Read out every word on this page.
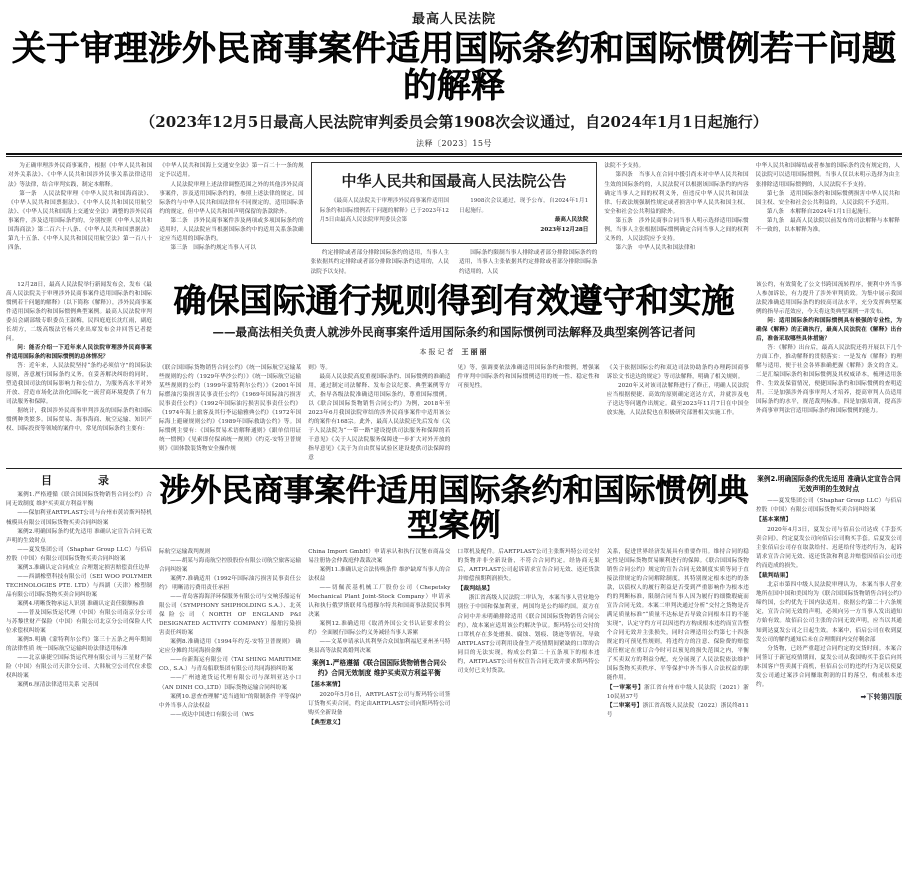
最高人民法院
关于审理涉外民商事案件适用国际条约和国际惯例若干问题的解释
（2023年12月5日最高人民法院审判委员会第1908次会议通过，自2024年1月1日起施行）
法释〔2023〕15号

为正确审理涉外民商事案件，根据《中华人民共和国对外关系法》、《中华人民共和国涉外民事关系法律适用法》等法律，结合审判实践，制定本解释。

第一条　人民法院审理《中华人民共和国海商法》、《中华人民共和国票据法》、《中华人民共和国民用航空法》、《中华人民共和国海上交通安全法》调整的涉外民商事案件，涉及适用国际条约的，分别按照《中华人民共和国海商法》第二百六十八条、《中华人民共和国票据法》第九十五条、《中华人民共和国民用航空法》第一百八十四条、

《中华人民共和国海上交通安全法》第一百二十一条的规定予以适用。

人民法院审理上述法律调整范围之外的其他涉外民商事案件，涉及适用国际条约的，参照上述法律的规定。国际条约与中华人民共和国法律有不同规定的，适用国际条约的规定，但中华人民共和国声明保留的条款除外。

第二条　涉外民商事案件涉及两项或多项国际条约的适用时，人民法院应当根据国际条约中的适用关系条款确定应当适用的国际条约。

第三条　国际条约规定当事人可以

中华人民共和国最高人民法院公告

《最高人民法院关于审理涉外民商事案件适用国际条约和国际惯例若干问题的解释》已于2023年12月5日由最高人民法院审判委员会第

1908次会议通过，现予公布，自2024年1月1日起施行。

最高人民法院

2023年12月28日

约定排除或者部分排除国际条约的适用，当事人主张依据其约定排除或者部分排除国际条约适用的，人民法院予以支持。

国际条约限制当事人排除或者部分排除国际条约的适用，当事人主张依据其约定排除或者部分排除国际条约适用的，人民

法院不予支持。

第四条　当事人在合同中援引尚未对中华人民共和国生效的国际条约的，人民法院可以根据该国际条约的内容确定当事人之间的权利义务，但违反中华人民共和国法律、行政法规强制性规定或者损害中华人民共和国主权、安全和社会公共利益的除外。

第五条　涉外民商事合同当事人明示选择适用国际惯例，当事人主张根据国际惯例确定合同当事人之间的权利义务的，人民法院应予支持。

第六条　中华人民共和国法律和

中华人民共和国缔结或者参加的国际条约没有规定的，人民法院可以适用国际惯例。当事人仅以未明示选择为由主张排除适用国际惯例的，人民法院不予支持。

第七条　适用国际条约和国际惯例损害中华人民共和国主权、安全和社会公共利益的，人民法院不予适用。

第八条　本解释自2024年1月1日起施行。

第九条　最高人民法院以前发布的司法解释与本解释不一致的，以本解释为准。

12月28日，最高人民法院举行新闻发布会，发布《最高人民法院关于审理涉外民商事案件适用国际条约和国际惯例若干问题的解释》（以下简称《解释》），涉外民商事案件适用国际条约和国际惯例典型案例。最高人民法院审判委员会副部级专职委员王淑梅，民四庭庭长沈红雨，副庭长胡方，二级高级法官杨兴业出席发布会并回答记者提问。

问：能否介绍一下近年来人民法院审理涉外民商事案件适用国际条约和国际惯例的总体情况？

答：近年来，人民法院坚持“条约必须信守”的国际法原则，善意履行国际条约义务，在妥善解决纠纷的同时，塑造我国司法的国际影响力和公信力，为服务高水平对外开放、营造市场化法治化国际化一流营商环境提供了有力司法服务和保障。

据统计，我国涉外民商事审判涉及的国际条约和国际惯例种类繁多。国际贸易、海事海商、航空运输、知识产权、国际投资等领域的案件中，常见的国际条约主要有：

确保国际通行规则得到有效遵守和实施
——最高法相关负责人就涉外民商事案件适用国际条约和国际惯例司法解释及典型案例答记者问
本报记者 王丽丽

《联合国国际货物销售合同公约》《统一国际航空运输某些规则的公约（1929年华沙公约）》《统一国际航空运输某些规则的公约（1999年蒙特利尔公约）》《2001年国际燃油污染损害民事责任公约》《1969年国际油污损害民事责任公约》《1992年国际油污损害民事责任公约》《1974年海上旅客及其行李运输雅典公约》《1972年国际海上避碰规则公约》《1989年国际救助公约》等。国际惯例主要有：《国际贸易术语解释通则》《跟单信用证统一惯例》《见索即付保函统一规则》《约克-安特卫普规则》《固体散装货物安全操作规

则》等。

最高人民法院高度重视国际条约、国际惯例的准确适用，通过制定司法解释、发布会议纪要、典型案例等方式，指导各级法院准确适用国际条约，尊重国际惯例。以《联合国国际货物销售合同公约》为例，2018年至2023年6月我国法院审结的涉外民商事案件中适用该公约的案件有168宗。此外，最高人民法院还先后发布《关于人民法院为“一带一路”建设提供司法服务和保障的若干意见》《关于人民法院服务保障进一步扩大对外开放的指导意见》《关于为自由贸易试验区建设提供司法保障的意

见》等，强调要依法准确适用国际条约和惯例，增强案件审判中国际条约和国际惯例适用的统一性、稳定性和可预见性。

《关于依据国际公约和双边司法协助条约办理跨国商事诉讼文书送达的规定》等司法解释，明确了相关规则。

2020年又对该司法解释进行了修正，明确人民法院应当根据便捷、高效的原则确定送达方式，并就涉及电子送达等问题作出规定。截至2023年11月7日在中国全放实施，人民法院也在积极研究部署相关实施工作。

该公约，有效简化了公文书跨国流转程序，便利中外当事人参加诉讼，有力提升了涉外审判质效。为集中展示我国法院准确适用国际条约的较高司法水平，充分发挥典型案例的指导示范效应，今天将这类典型案例一并发布。

问：适用国际条约和国际惯例具有极强的专业性，为确保《解释》的正确执行，最高人民法院在《解释》出台后，准备采取哪些具体措施？

答：《解释》出台后，最高人民法院还将开展以下几个方面工作，推动解释的贯彻落实：一是发布《解释》的理解与适用，便于社会各界准确把握《解释》条文的含义。二是汇编国际条约和国际惯例及其权威译本，梳理适用条件、生效及保留情况，便捷国际条约和国际惯例的查明适用。三是加强涉外商事审判人才培养，提高审判人员适用国际条约的水平，规范裁判标准。四是加强培训，提高涉外商事审判法官适用国际条约和国际惯例的能力。

目　　录

案例1.严格遵循《联合国国际货物销售合同公约》合同无效制度 维护买卖双方利益平衡

——保加利亚ARTPLAST公司与台州市黄岩斯玛特机械模具有限公司国际货物买卖合同纠纷案

案例2.明确国际条约优先适用 准确认定宣告合同无效声明的生效时点

——夏发集团公司（Shaphar Group LLC）与佰启控股（中国）有限公司国际货物买卖合同纠纷案

案例3.准确认定合同成立 合理划定损害赔偿责任边界

——西湖橡塑科技有限公司（SEI WOO POLYMER TECHNOLOGIES PTE. LTD）与西湖（天津）橡塑制品有限公司国际货物买卖合同纠纷案

案例4.明晰货物承运人识别 准确认定责任限额标准

——普及国际货运代理（中国）有限公司南京分公司与苏黎世财产保险（中国）有限公司北京分公司保险人代位求偿权纠纷案

案例5.明确《蒙特利尔公约》第三十五条之两年期间的法律性质 统一国际航空运输纠纷法律适用标准

——北京康捷空国际货运代理有限公司与三星财产保险（中国）有限公司天津分公司、大韩航空公司代位求偿权纠纷案

案例6.厘清法律适用关系 完善国

涉外民商事案件适用国际条约和国际惯例典型案例

际航空运输裁判规则

——胡某与海南航空控股股份有限公司航空旅客运输合同纠纷案

案例7.准确适用《1992年国际油污损害民事责任公约》 明晰清污费用责任承担

——青岛客海海洋环保服务有限公司与交响乐船运有限公司（SYMPHONY SHIPHOLDING S.A.）、北英保险公司（NORTH OF ENGLAND P&I DESIGNATED ACTIVITY COMPANY）船舶污染损害责任纠纷案

案例8.准确适用《1994年约克-安特卫普规则》 确定应分摊的共同海损金额

——台新海运有限公司（TAI SHING MARITIME CO., S.A.）与青岛船联集团有限公司共同海损纠纷案

——广州迪迪货运代理有限公司与深圳亚达小口（AN DINH CO.,LTD）国际货物运输合同纠纷案

案例10.意查查理解“适当通知”的限制条件 平等保护中外当事人合法权益

——成达中国进口有限公司（WS

China Import GmbH）申请承认和执行汉堡市商品交易注册协会仲裁庭仲裁裁决案

案例11.准确认定合法传唤条件 维护缺席当事人的合法权益

——切佩茨基机械工厂股份公司（Chepetsky Mechanical Plant Joint-Stock Company）申请承认和执行俄罗斯联邦乌德穆尔特共和国商事法院民事判决案

案例12.准确适用《取消外国公文书认证要求的公约》 全面履行国际公约义务减轻当事人诉累

——文某申请承认其利坚合众国加利福尼亚州圣马特奥县高等法院离婚判决案

案例1.严格遵循《联合国国际货物销售合同公约》合同无效制度 维护买卖双方利益平衡
【基本案情】

2020年5月6日，ARTPLAST公司与斯玛特公司签订货物买卖合同，约定由ARTPLAST公司向斯玛特公司购买全新设备

【典型意义】

口罩机及配件。后ARTPLAST公司主张斯玛特公司交付的货物并非全新设备，不符合合同约定。经协商无果后，ARTPLAST公司起诉请求宣告合同无效、返还货款并赔偿预期利润损失。

【裁判结果】

浙江省高级人民法院二审认为，本案当事人营业地分别位于中国和保加利亚，两国均是公约缔约国。双方在合同中并未明确排除适用《联合国国际货物销售合同公约》，故本案应适用该公约解决争议。斯玛特公司交付的口罩机存在多处磨损、腐蚀、划痕、锈迹等情况，导致ARTPLAST公司利用设备生产疫情期间紧缺的口罩的合同目的无法实现，构成公约第二十五条项下的根本违约，ARTPLAST公司有权宣告合同无效并要求斯玛特公司支付已支付货款。

关系，促进世界经济发展具有重要作用。维持合同的稳定性是国际货物贸易顺利进行的保障。《联合国国际货物销售合同公约》规定的宣告合同无效制度实质等同于直接法律规定的合同解除制度，其特别规定根本违约的条款，以债权人的履行利益是否受到严重影响作为根本违约的判断标准，限制合同当事人因为履行的细微瑕疵而宣告合同无效。本案二审判决通过分析“交付之货物是否满足质量标准”“质量不达标是否导致合同根本目的不能实现”，认定守约方可以因违约方构成根本违约而宣告整个合同无效并主张损失，同时合理适用公约第七十四条规定的可预见性规则，将违约方的注意、保险费的赔偿责任框定在重订合今时可以预见的损失范围之内，平衡了买卖双方的利益分配，充分展现了人民法院依法维护国际货物买卖秩序、平等保护中外当事人合法权益的职能作用。

【一审案号】浙江省台州市中级人民法院（2021）浙10民初37号

【二审案号】浙江省高级人民法院（2022）浙民终811号

案例2.明确国际条约优先适用 准确认定宣告合同无效声明的生效时点

——夏发集团公司（Shaphar Group LLC）与佰启控股（中国）有限公司国际货物买卖合同纠纷案

【基本案情】

2020年4月3日，夏发公司与佰启公司达成《手套买卖合同》，约定夏发公司向佰启公司购买手套。后夏发公司主张佰启公司存在取款给付、迟延给付等违约行为，起诉请求宣告合同无效、返还货款和利息并赔偿因佰启公司违约而造成的损失。

【裁判结果】

北京市第四中级人民法院审理认为，本案当事人营业地所在国中国和美国均为《联合国国际货物销售合同公约》缔约国，公约优先于国内法适用。依据公约第二十六条规定，宣告合同无效的声明，必须向另一方当事人发出通知方始有效。故佰启公司主张的合同无效声明，应当以其通知到达夏发公司之日起生效。本案中，佰启公司在收到夏发公司的解约通知后未在合理期间内交付剩余部

分货物，已经严重超过合同约定的交货时间。本案合同签订于新冠疫情期间，夏发公司从我国购买手套后向其本国客户售卖属于商机，但佰启公司的违约行为足以使夏发公司通过案涉合同赚取利润的目的落空，构成根本违约。

➡下转第四版
